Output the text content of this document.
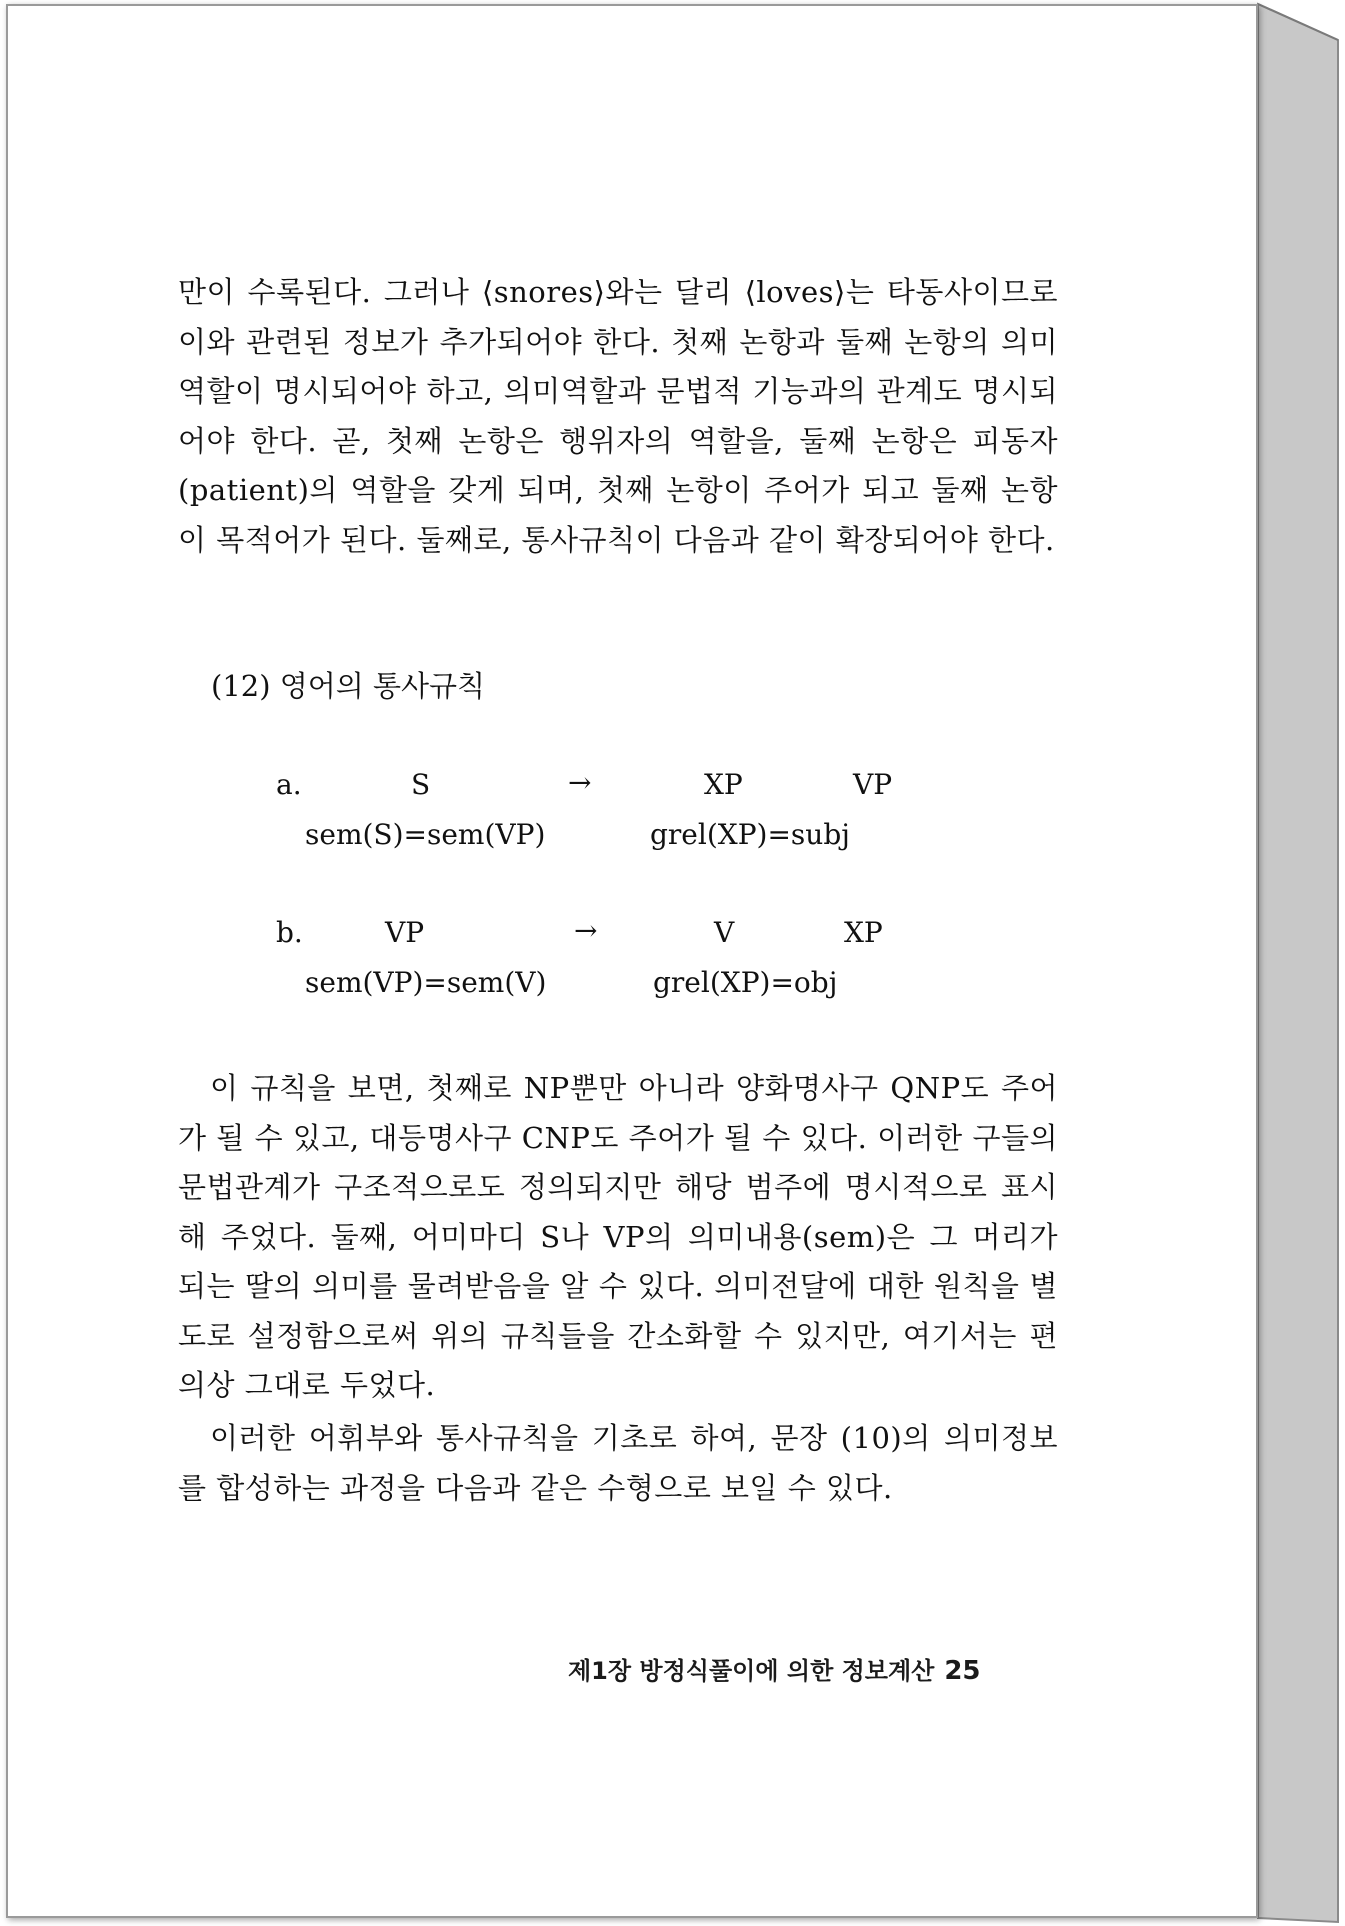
만이 수록된다. 그러나 ⟨snores⟩와는 달리 ⟨loves⟩는 타동사이므로 이와 관련된 정보가 추가되어야 한다. 첫째 논항과 둘째 논항의 의미역할이 명시되어야 하고, 의미역할과 문법적 기능과의 관계도 명시되어야 한다. 곧, 첫째 논항은 행위자의 역할을, 둘째 논항은 피동자(patient)의 역할을 갖게 되며, 첫째 논항이 주어가 되고 둘째 논항이 목적어가 된다. 둘째로, 통사규칙이 다음과 같이 확장되어야 한다.

(12) 영어의 통사규칙

a.	S	→	XP	VP
sem(S)=sem(VP)	grel(XP)=subj
b.	VP	→	V	XP
sem(VP)=sem(V)	grel(XP)=obj

이 규칙을 보면, 첫째로 NP뿐만 아니라 양화명사구 QNP도 주어가 될 수 있고, 대등명사구 CNP도 주어가 될 수 있다. 이러한 구들의 문법관계가 구조적으로도 정의되지만 해당 범주에 명시적으로 표시해 주었다. 둘째, 어미마디 S나 VP의 의미내용(sem)은 그 머리가 되는 딸의 의미를 물려받음을 알 수 있다. 의미전달에 대한 원칙을 별도로 설정함으로써 위의 규칙들을 간소화할 수 있지만, 여기서는 편의상 그대로 두었다.

이러한 어휘부와 통사규칙을 기초로 하여, 문장 (10)의 의미정보를 합성하는 과정을 다음과 같은 수형으로 보일 수 있다.

제1장 방정식풀이에 의한 정보계산 25
